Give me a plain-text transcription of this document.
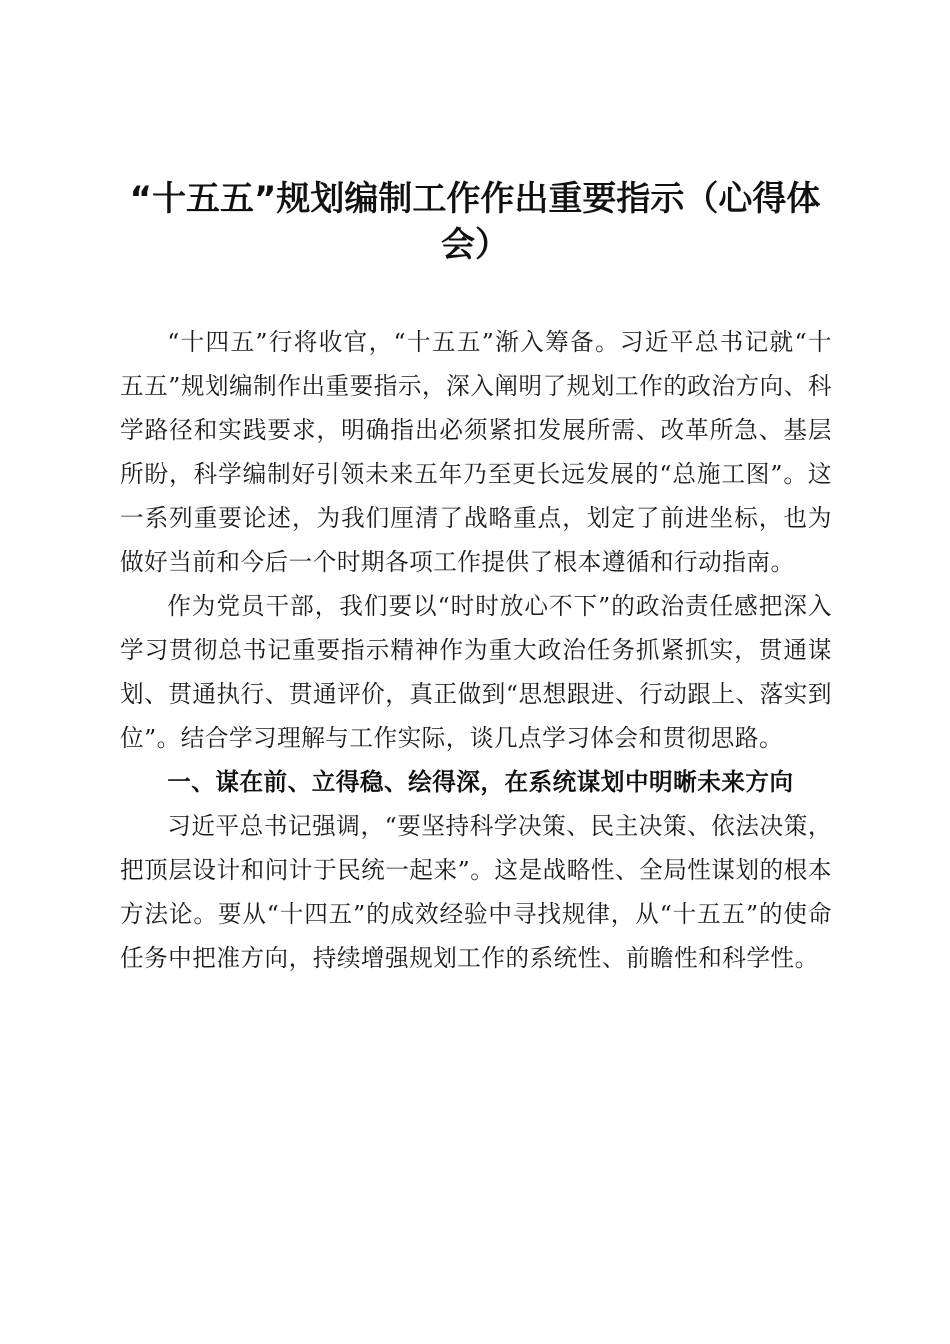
“十五五”规划编制工作作出重要指示（心得体会）

“十四五”行将收官，“十五五”渐入筹备。习近平总书记就“十五五”规划编制作出重要指示，深入阐明了规划工作的政治方向、科学路径和实践要求，明确指出必须紧扣发展所需、改革所急、基层所盼，科学编制好引领未来五年乃至更长远发展的“总施工图”。这一系列重要论述，为我们厘清了战略重点，划定了前进坐标，也为做好当前和今后一个时期各项工作提供了根本遵循和行动指南。

作为党员干部，我们要以“时时放心不下”的政治责任感把深入学习贯彻总书记重要指示精神作为重大政治任务抓紧抓实，贯通谋划、贯通执行、贯通评价，真正做到“思想跟进、行动跟上、落实到位”。结合学习理解与工作实际，谈几点学习体会和贯彻思路。

一、谋在前、立得稳、绘得深，在系统谋划中明晰未来方向

习近平总书记强调，“要坚持科学决策、民主决策、依法决策，把顶层设计和问计于民统一起来”。这是战略性、全局性谋划的根本方法论。要从“十四五”的成效经验中寻找规律，从“十五五”的使命任务中把准方向，持续增强规划工作的系统性、前瞻性和科学性。
